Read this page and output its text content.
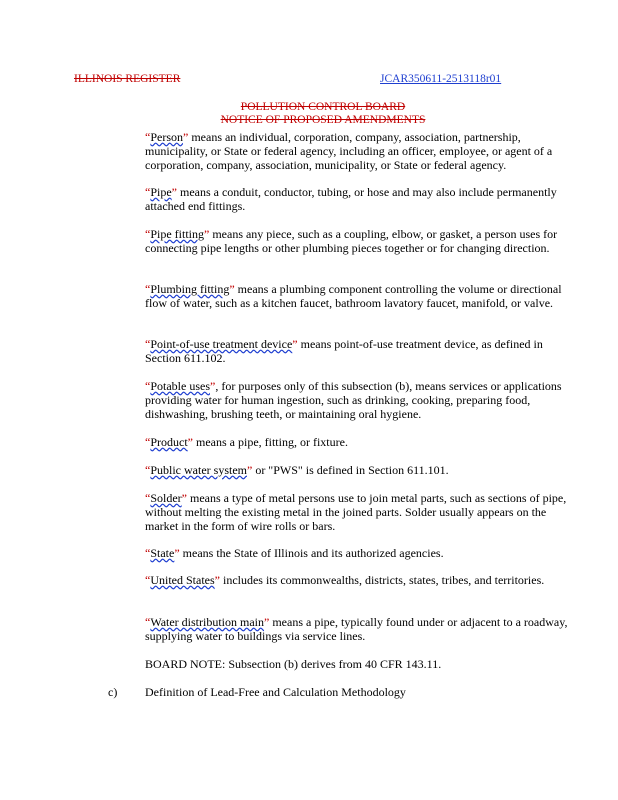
ILLINOIS REGISTER	JCAR350611-2513118r01
POLLUTION CONTROL BOARD
NOTICE OF PROPOSED AMENDMENTS

“Person” means an individual, corporation, company, association, partnership, municipality, or State or federal agency, including an officer, employee, or agent of a corporation, company, association, municipality, or State or federal agency.

“Pipe” means a conduit, conductor, tubing, or hose and may also include permanently attached end fittings.

“Pipe fitting” means any piece, such as a coupling, elbow, or gasket, a person uses for connecting pipe lengths or other plumbing pieces together or for changing direction.

“Plumbing fitting” means a plumbing component controlling the volume or directional flow of water, such as a kitchen faucet, bathroom lavatory faucet, manifold, or valve.

“Point-of-use treatment device” means point-of-use treatment device, as defined in Section 611.102.

“Potable uses”, for purposes only of this subsection (b), means services or applications providing water for human ingestion, such as drinking, cooking, preparing food, dishwashing, brushing teeth, or maintaining oral hygiene.

“Product” means a pipe, fitting, or fixture.

“Public water system” or "PWS" is defined in Section 611.101.

“Solder” means a type of metal persons use to join metal parts, such as sections of pipe, without melting the existing metal in the joined parts. Solder usually appears on the market in the form of wire rolls or bars.

“State” means the State of Illinois and its authorized agencies.

“United States” includes its commonwealths, districts, states, tribes, and territories.

“Water distribution main” means a pipe, typically found under or adjacent to a roadway, supplying water to buildings via service lines.

BOARD NOTE: Subsection (b) derives from 40 CFR 143.11.
c) Definition of Lead-Free and Calculation Methodology
